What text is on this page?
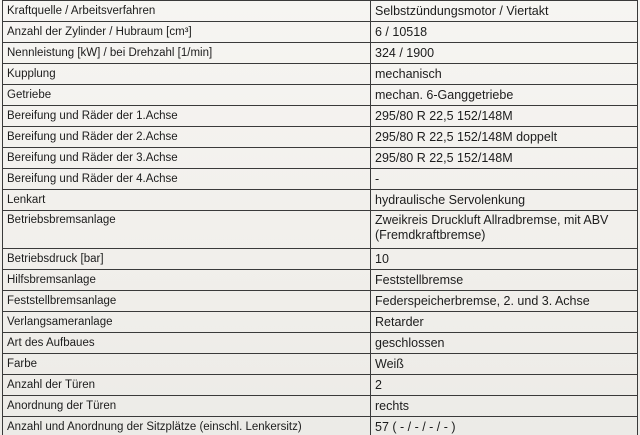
Kraftquelle / Arbeitsverfahren	Selbstzündungsmotor / Viertakt
Anzahl der Zylinder / Hubraum [cm³]	6 / 10518
Nennleistung [kW] / bei Drehzahl [1/min]	324 / 1900
Kupplung	mechanisch
Getriebe	mechan. 6-Ganggetriebe
Bereifung und Räder der 1.Achse	295/80 R 22,5 152/148M
Bereifung und Räder der 2.Achse	295/80 R 22,5 152/148M doppelt
Bereifung und Räder der 3.Achse	295/80 R 22,5 152/148M
Bereifung und Räder der 4.Achse	-
Lenkart	hydraulische Servolenkung
Betriebsbremsanlage	Zweikreis Druckluft Allradbremse, mit ABV
(Fremdkraftbremse)

Betriebsdruck [bar]	10
Hilfsbremsanlage	Feststellbremse
Feststellbremsanlage	Federspeicherbremse, 2. und 3. Achse
Verlangsameranlage	Retarder
Art des Aufbaues	geschlossen
Farbe	Weiß
Anzahl der Türen	2
Anordnung der Türen	rechts
Anzahl und Anordnung der Sitzplätze (einschl. Lenkersitz)	57 ( - / - / - / - )
